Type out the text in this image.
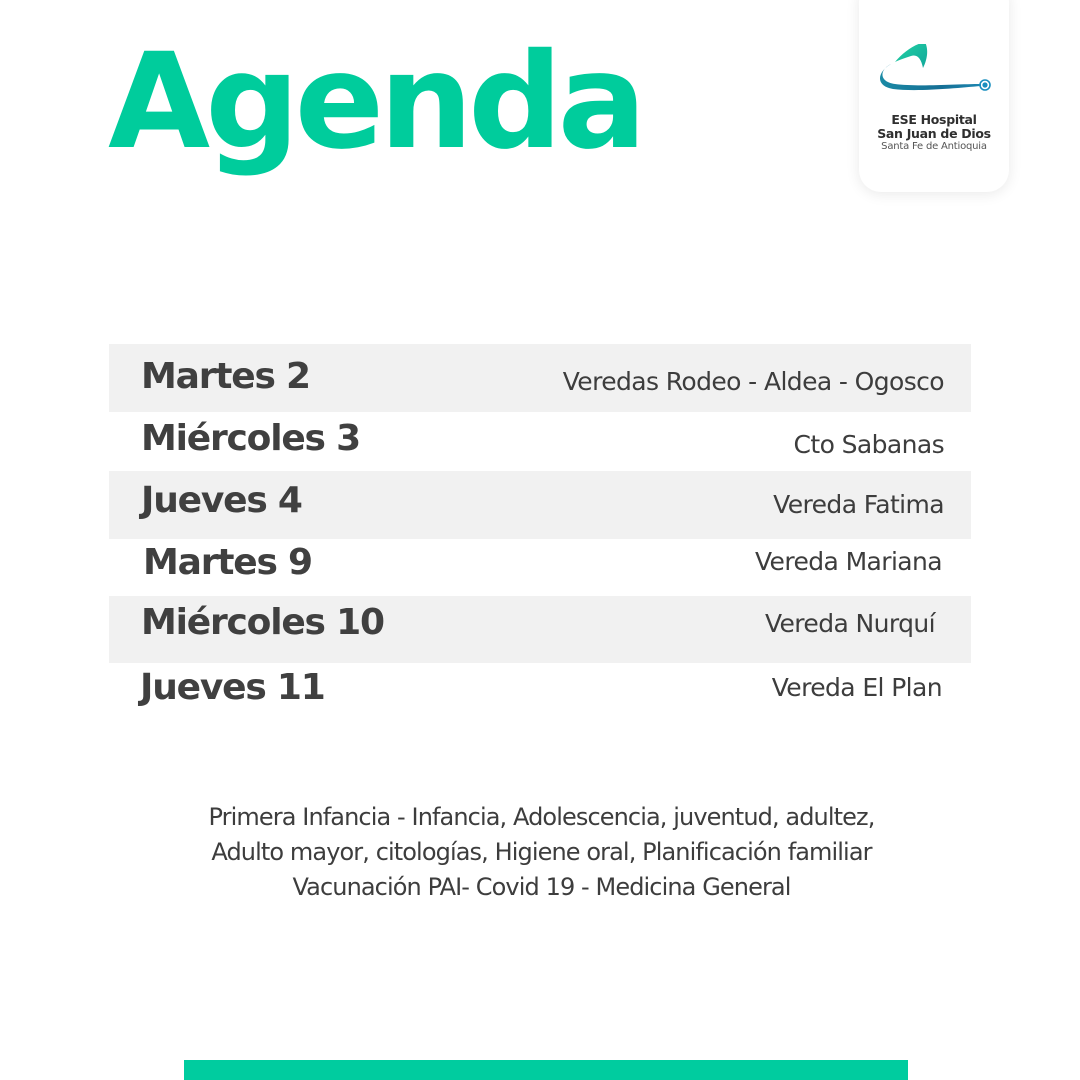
Agenda	ESE Hospital
San Juan de Dios
Santa Fe de Antioquia
Martes 2	Veredas Rodeo - Aldea - Ogosco
Miércoles 3	Cto Sabanas
Jueves 4	Vereda Fatima
Martes 9	Vereda Mariana
Miércoles 10	Vereda Nurquí
Jueves 11	Vereda El Plan
Primera Infancia - Infancia, Adolescencia, juventud, adultez,
Adulto mayor, citologías, Higiene oral, Planificación familiar
Vacunación PAI- Covid 19 - Medicina General
